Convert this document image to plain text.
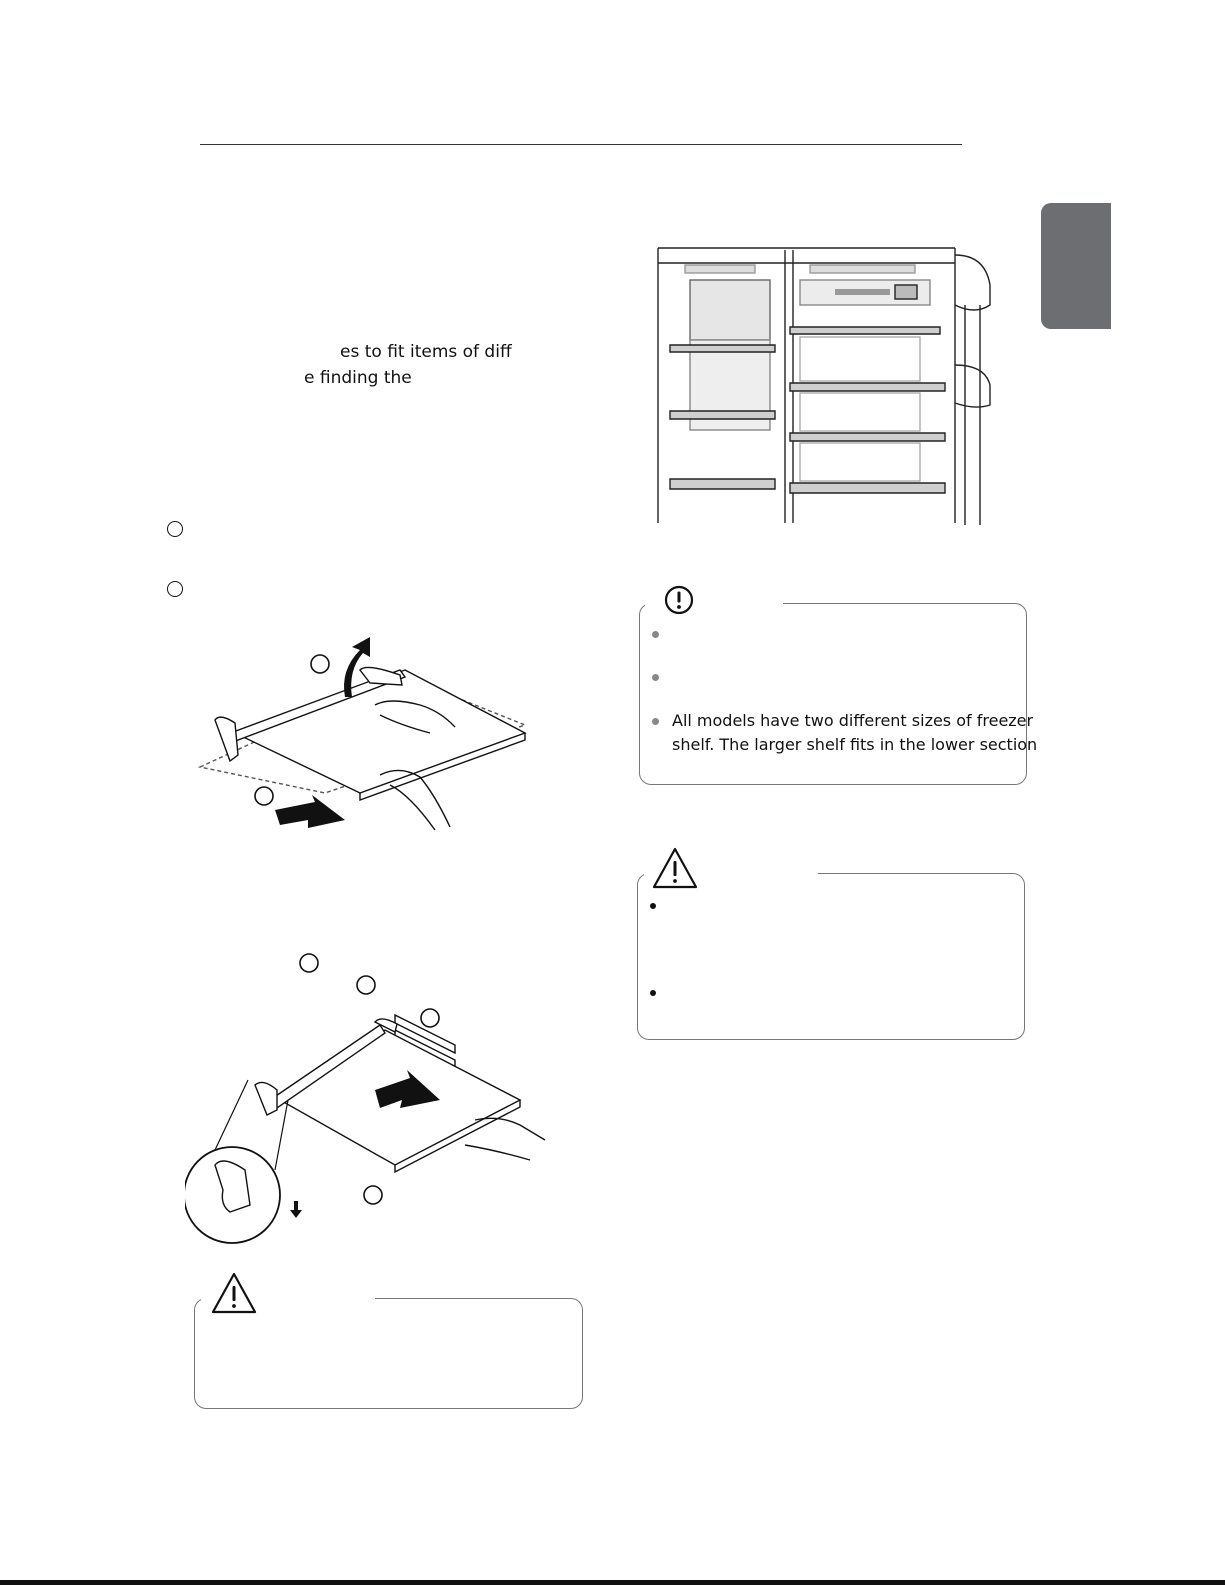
es to fit items of diff
e finding the
All models have two different sizes of freezer
shelf. The larger shelf fits in the lower section
